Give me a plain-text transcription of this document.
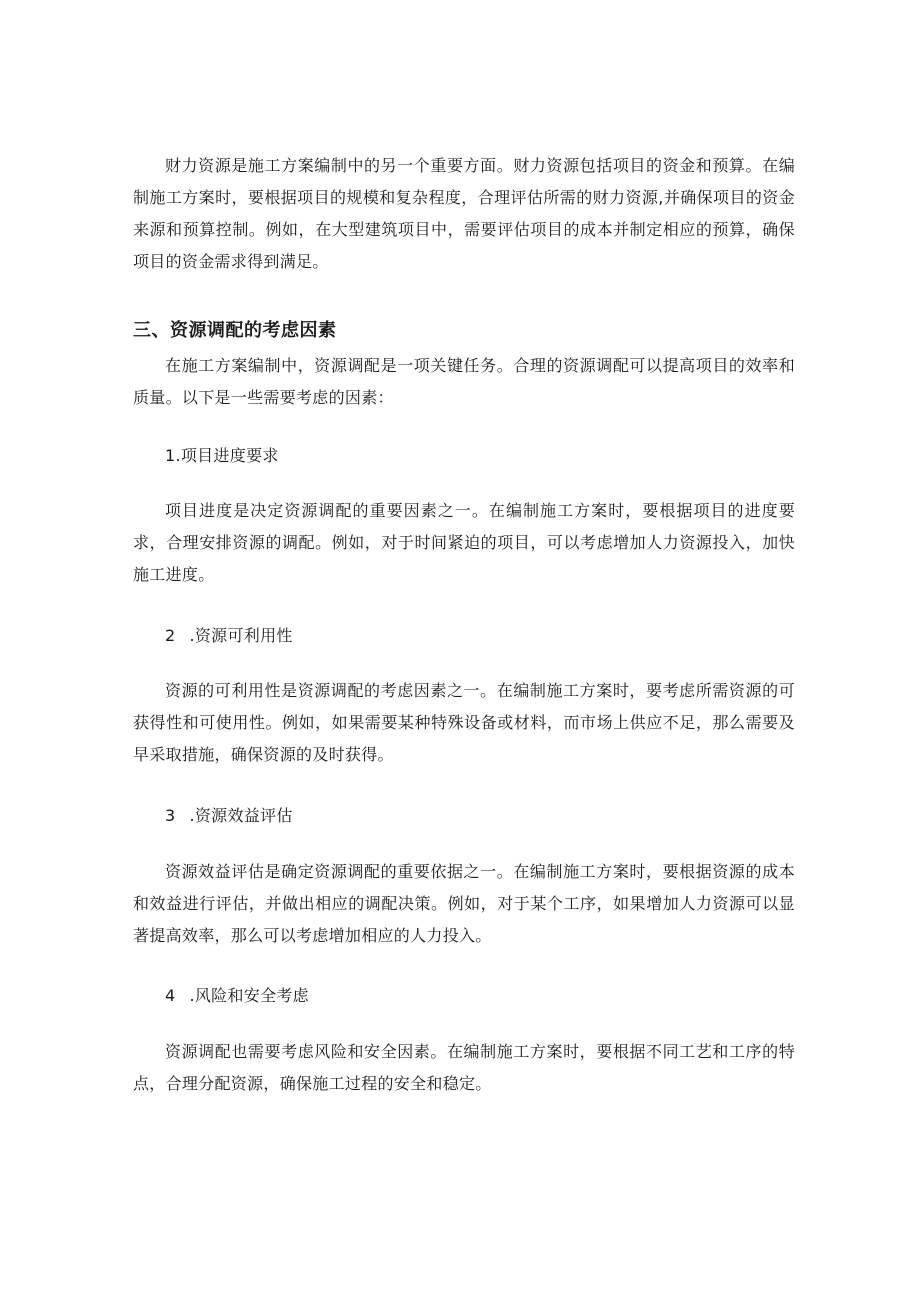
财力资源是施工方案编制中的另一个重要方面。财力资源包括项目的资金和预算。在编制施工方案时，要根据项目的规模和复杂程度，合理评估所需的财力资源,并确保项目的资金来源和预算控制。例如，在大型建筑项目中，需要评估项目的成本并制定相应的预算，确保项目的资金需求得到满足。

三、资源调配的考虑因素

在施工方案编制中，资源调配是一项关键任务。合理的资源调配可以提高项目的效率和质量。以下是一些需要考虑的因素：

1.项目进度要求

项目进度是决定资源调配的重要因素之一。在编制施工方案时，要根据项目的进度要求，合理安排资源的调配。例如，对于时间紧迫的项目，可以考虑增加人力资源投入，加快施工进度。

2 .资源可利用性

资源的可利用性是资源调配的考虑因素之一。在编制施工方案时，要考虑所需资源的可获得性和可使用性。例如，如果需要某种特殊设备或材料，而市场上供应不足，那么需要及早采取措施，确保资源的及时获得。

3 .资源效益评估

资源效益评估是确定资源调配的重要依据之一。在编制施工方案时，要根据资源的成本和效益进行评估，并做出相应的调配决策。例如，对于某个工序，如果增加人力资源可以显著提高效率，那么可以考虑增加相应的人力投入。

4 .风险和安全考虑

资源调配也需要考虑风险和安全因素。在编制施工方案时，要根据不同工艺和工序的特点，合理分配资源，确保施工过程的安全和稳定。
